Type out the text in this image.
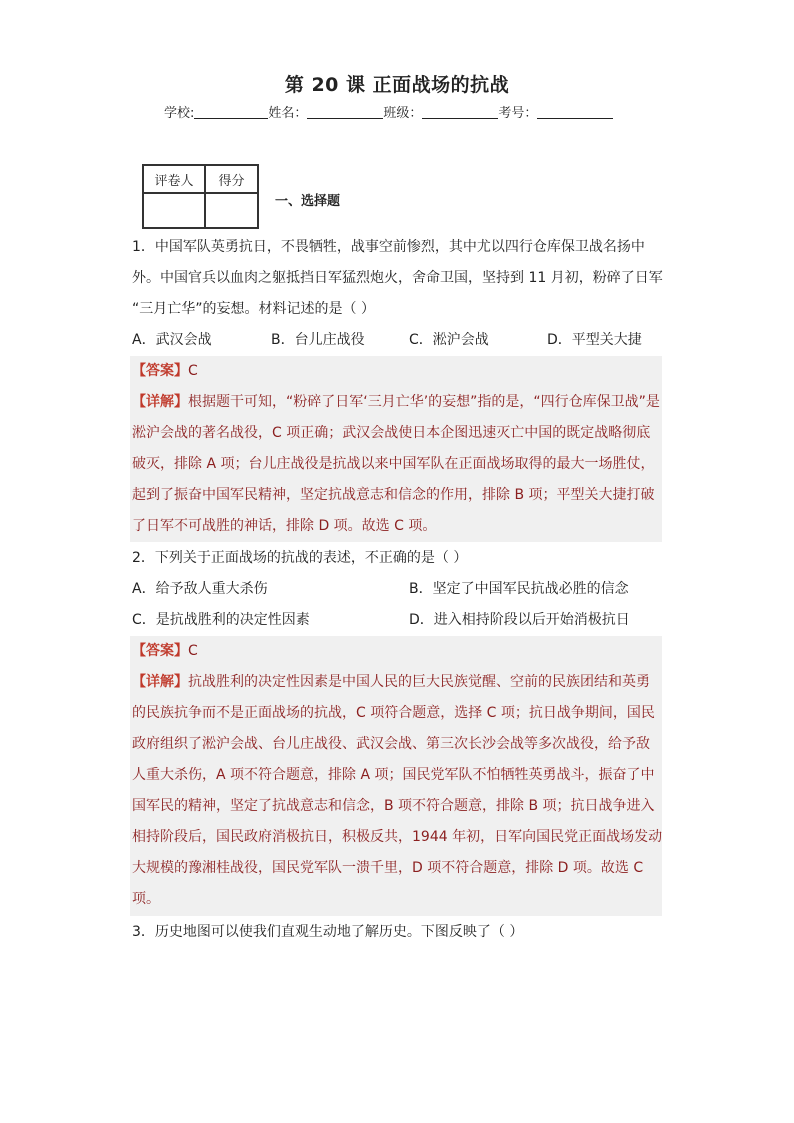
第 20 课 正面战场的抗战
学校:	姓名：	班级：	考号：
评卷人	得分

一、选择题
1．中国军队英勇抗日，不畏牺牲，战事空前惨烈，其中尤以四行仓库保卫战名扬中
外。中国官兵以血肉之躯抵挡日军猛烈炮火，舍命卫国，坚持到 11 月初，粉碎了日军
“三月亡华”的妄想。材料记述的是（ ）
A．武汉会战	B．台儿庄战役	C．淞沪会战	D．平型关大捷
【答案】C
【详解】根据题干可知，“粉碎了日军‘三月亡华’的妄想”指的是，“四行仓库保卫战”是
淞沪会战的著名战役，C 项正确；武汉会战使日本企图迅速灭亡中国的既定战略彻底
破灭，排除 A 项；台儿庄战役是抗战以来中国军队在正面战场取得的最大一场胜仗，
起到了振奋中国军民精神，坚定抗战意志和信念的作用，排除 B 项；平型关大捷打破
了日军不可战胜的神话，排除 D 项。故选 C 项。
2．下列关于正面战场的抗战的表述，不正确的是（ ）
A．给予敌人重大杀伤	B．坚定了中国军民抗战必胜的信念
C．是抗战胜利的决定性因素	D．进入相持阶段以后开始消极抗日
【答案】C
【详解】抗战胜利的决定性因素是中国人民的巨大民族觉醒、空前的民族团结和英勇
的民族抗争而不是正面战场的抗战，C 项符合题意，选择 C 项；抗日战争期间，国民
政府组织了淞沪会战、台儿庄战役、武汉会战、第三次长沙会战等多次战役，给予敌
人重大杀伤，A 项不符合题意，排除 A 项；国民党军队不怕牺牲英勇战斗，振奋了中
国军民的精神，坚定了抗战意志和信念，B 项不符合题意，排除 B 项；抗日战争进入
相持阶段后，国民政府消极抗日，积极反共，1944 年初，日军向国民党正面战场发动
大规模的豫湘桂战役，国民党军队一溃千里，D 项不符合题意，排除 D 项。故选 C
项。
3．历史地图可以使我们直观生动地了解历史。下图反映了（ ）
